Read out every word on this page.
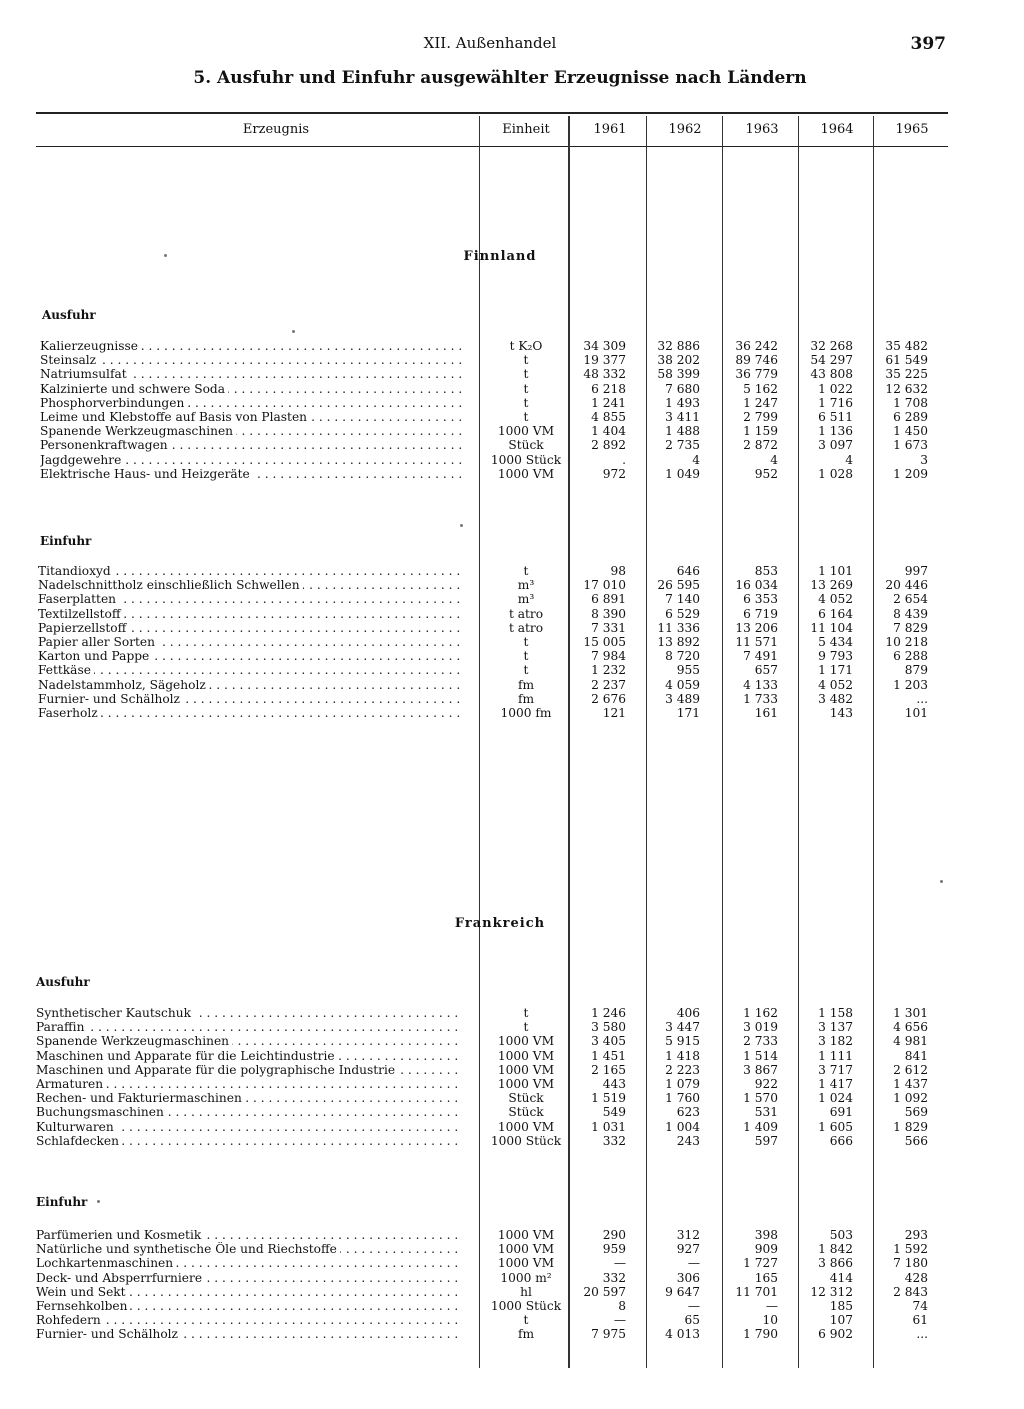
XII. Außenhandel	397
5. Ausfuhr und Einfuhr ausgewählter Erzeugnisse nach Ländern
Erzeugnis	Einheit	1961	1962	1963	1964	1965
Finnland
Ausfuhr
Kalierzeugnisse . . .	t K₂O	34 309	32 886	36 242	32 268	35 482
Steinsalz . . .	t	19 377	38 202	89 746	54 297	61 549
Natriumsulfat . . .	t	48 332	58 399	36 779	43 808	35 225
Kalzinierte und schwere Soda . . .	t	6 218	7 680	5 162	1 022	12 632
Phosphorverbindungen . . .	t	1 241	1 493	1 247	1 716	1 708
Leime und Klebstoffe auf Basis von Plasten . . .	t	4 855	3 411	2 799	6 511	6 289
Spanende Werkzeugmaschinen . . .	1000 VM	1 404	1 488	1 159	1 136	1 450
Personenkraftwagen . . .	Stück	2 892	2 735	2 872	3 097	1 673
Jagdgewehre . . .	1000 Stück	.	4	4	4	3
Elektrische Haus- und Heizgeräte . . .	1000 VM	972	1 049	952	1 028	1 209
Einfuhr
Titandioxyd . . .	t	98	646	853	1 101	997
Nadelschnittholz einschließlich Schwellen . . .	m³	17 010	26 595	16 034	13 269	20 446
Faserplatten . . .	m³	6 891	7 140	6 353	4 052	2 654
Textilzellstoff . . .	t atro	8 390	6 529	6 719	6 164	8 439
Papierzellstoff . . .	t atro	7 331	11 336	13 206	11 104	7 829
Papier aller Sorten . . .	t	15 005	13 892	11 571	5 434	10 218
Karton und Pappe . . .	t	7 984	8 720	7 491	9 793	6 288
Fettkäse . . .	t	1 232	955	657	1 171	879
Nadelstammholz, Sägeholz . . .	fm	2 237	4 059	4 133	4 052	1 203
Furnier- und Schälholz . . .	fm	2 676	3 489	1 733	3 482	...
Faserholz . . .	1000 fm	121	171	161	143	101
Frankreich
Ausfuhr
Synthetischer Kautschuk . . .	t	1 246	406	1 162	1 158	1 301
Paraffin . . .	t	3 580	3 447	3 019	3 137	4 656
Spanende Werkzeugmaschinen . . .	1000 VM	3 405	5 915	2 733	3 182	4 981
Maschinen und Apparate für die Leichtindustrie . . .	1000 VM	1 451	1 418	1 514	1 111	841
Maschinen und Apparate für die polygraphische Industrie . . .	1000 VM	2 165	2 223	3 867	3 717	2 612
Armaturen . . .	1000 VM	443	1 079	922	1 417	1 437
Rechen- und Fakturiermaschinen . . .	Stück	1 519	1 760	1 570	1 024	1 092
Buchungsmaschinen . . .	Stück	549	623	531	691	569
Kulturwaren . . .	1000 VM	1 031	1 004	1 409	1 605	1 829
Schlafdecken . . .	1000 Stück	332	243	597	666	566
Einfuhr
Parfümerien und Kosmetik . . .	1000 VM	290	312	398	503	293
Natürliche und synthetische Öle und Riechstoffe . . .	1000 VM	959	927	909	1 842	1 592
Lochkartenmaschinen . . .	1000 VM	—	—	1 727	3 866	7 180
Deck- und Absperrfurniere . . .	1000 m²	332	306	165	414	428
Wein und Sekt . . .	hl	20 597	9 647	11 701	12 312	2 843
Fernsehkolben . . .	1000 Stück	8	—	—	185	74
Rohfedern . . .	t	—	65	10	107	61
Furnier- und Schälholz . . .	fm	7 975	4 013	1 790	6 902	...
